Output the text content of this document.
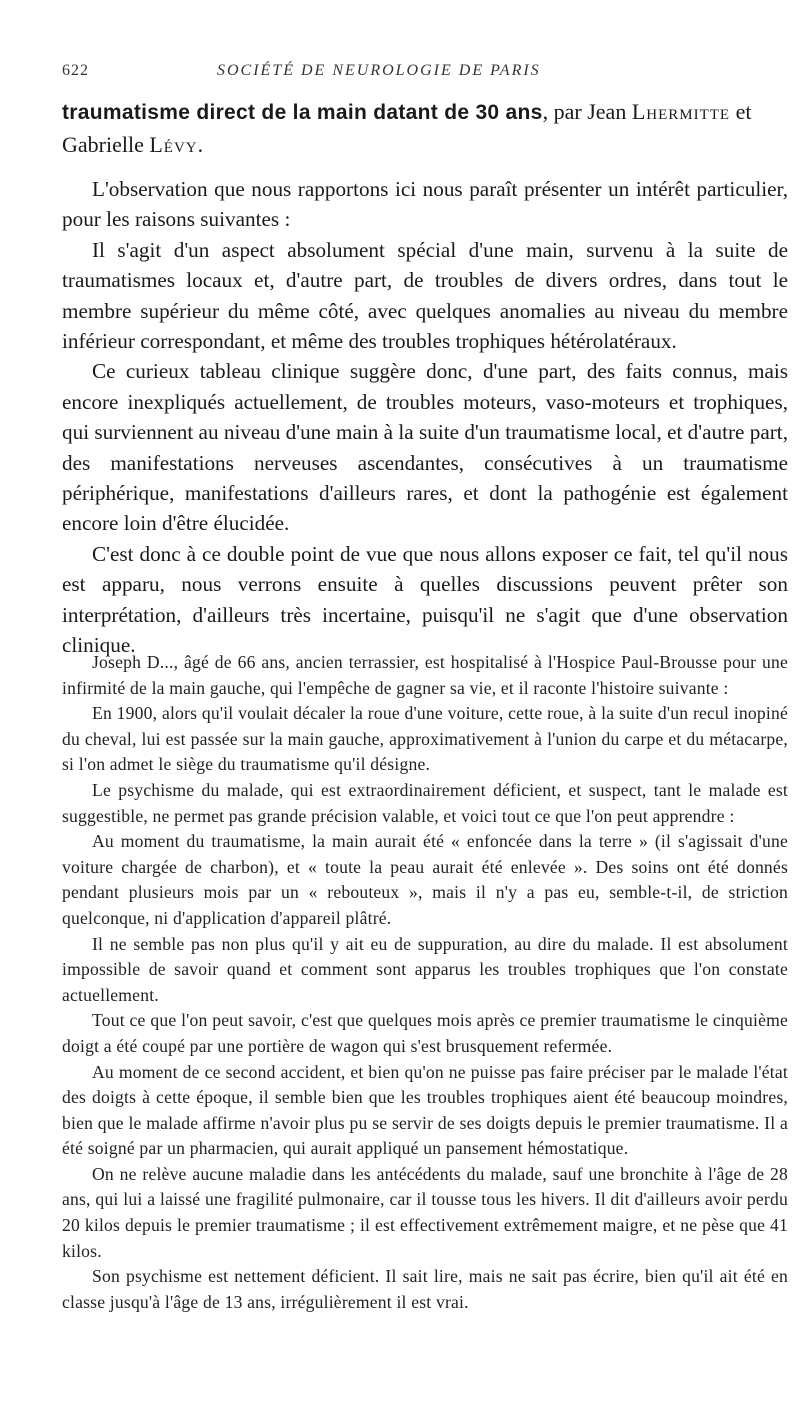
622	SOCIÉTÉ DE NEUROLOGIE DE PARIS
traumatisme direct de la main datant de 30 ans, par Jean Lhermitte et Gabrielle Lévy.

L'observation que nous rapportons ici nous paraît présenter un intérêt particulier, pour les raisons suivantes :

Il s'agit d'un aspect absolument spécial d'une main, survenu à la suite de traumatismes locaux et, d'autre part, de troubles de divers ordres, dans tout le membre supérieur du même côté, avec quelques anomalies au niveau du membre inférieur correspondant, et même des troubles trophiques hétérolatéraux.

Ce curieux tableau clinique suggère donc, d'une part, des faits connus, mais encore inexpliqués actuellement, de troubles moteurs, vaso-moteurs et trophiques, qui surviennent au niveau d'une main à la suite d'un traumatisme local, et d'autre part, des manifestations nerveuses ascendantes, consécutives à un traumatisme périphérique, manifestations d'ailleurs rares, et dont la pathogénie est également encore loin d'être élucidée.

C'est donc à ce double point de vue que nous allons exposer ce fait, tel qu'il nous est apparu, nous verrons ensuite à quelles discussions peuvent prêter son interprétation, d'ailleurs très incertaine, puisqu'il ne s'agit que d'une observation clinique.

Joseph D..., âgé de 66 ans, ancien terrassier, est hospitalisé à l'Hospice Paul-Brousse pour une infirmité de la main gauche, qui l'empêche de gagner sa vie, et il raconte l'histoire suivante :

En 1900, alors qu'il voulait décaler la roue d'une voiture, cette roue, à la suite d'un recul inopiné du cheval, lui est passée sur la main gauche, approximativement à l'union du carpe et du métacarpe, si l'on admet le siège du traumatisme qu'il désigne.

Le psychisme du malade, qui est extraordinairement déficient, et suspect, tant le malade est suggestible, ne permet pas grande précision valable, et voici tout ce que l'on peut apprendre :

Au moment du traumatisme, la main aurait été « enfoncée dans la terre » (il s'agissait d'une voiture chargée de charbon), et « toute la peau aurait été enlevée ». Des soins ont été donnés pendant plusieurs mois par un « rebouteux », mais il n'y a pas eu, semble-t-il, de striction quelconque, ni d'application d'appareil plâtré.

Il ne semble pas non plus qu'il y ait eu de suppuration, au dire du malade. Il est absolument impossible de savoir quand et comment sont apparus les troubles trophiques que l'on constate actuellement.

Tout ce que l'on peut savoir, c'est que quelques mois après ce premier traumatisme le cinquième doigt a été coupé par une portière de wagon qui s'est brusquement refermée.

Au moment de ce second accident, et bien qu'on ne puisse pas faire préciser par le malade l'état des doigts à cette époque, il semble bien que les troubles trophiques aient été beaucoup moindres, bien que le malade affirme n'avoir plus pu se servir de ses doigts depuis le premier traumatisme. Il a été soigné par un pharmacien, qui aurait appliqué un pansement hémostatique.

On ne relève aucune maladie dans les antécédents du malade, sauf une bronchite à l'âge de 28 ans, qui lui a laissé une fragilité pulmonaire, car il tousse tous les hivers. Il dit d'ailleurs avoir perdu 20 kilos depuis le premier traumatisme ; il est effectivement extrêmement maigre, et ne pèse que 41 kilos.

Son psychisme est nettement déficient. Il sait lire, mais ne sait pas écrire, bien qu'il ait été en classe jusqu'à l'âge de 13 ans, irrégulièrement il est vrai.
